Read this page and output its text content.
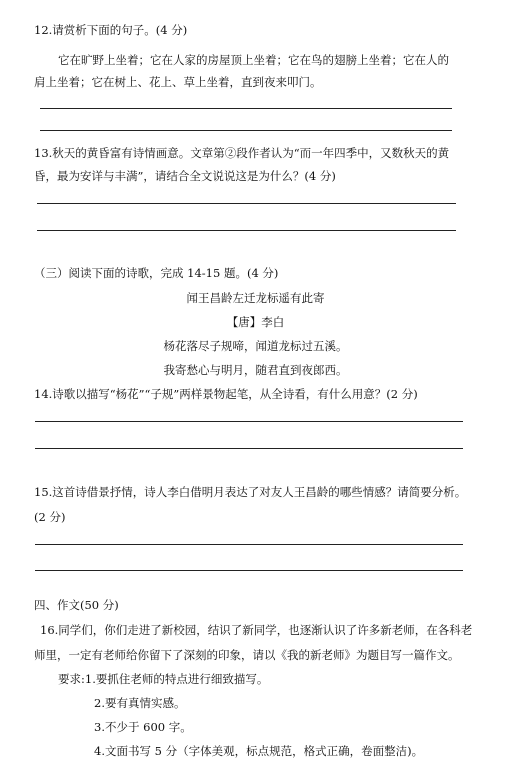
12.请赏析下面的句子。(4 分)
它在旷野上坐着；它在人家的房屋顶上坐着；它在鸟的翅膀上坐着；它在人的
肩上坐着；它在树上、花上、草上坐着，直到夜来叩门。
13.秋天的黄昏富有诗情画意。文章第②段作者认为“而一年四季中，又数秋天的黄
昏，最为安详与丰满”，请结合全文说说这是为什么？(4 分)
（三）阅读下面的诗歌，完成 14-15 题。(4 分)
闻王昌龄左迁龙标遥有此寄
【唐】李白
杨花落尽子规啼，闻道龙标过五溪。
我寄愁心与明月，随君直到夜郎西。
14.诗歌以描写“杨花”“子规”两样景物起笔，从全诗看，有什么用意？(2 分)
15.这首诗借景抒情，诗人李白借明月表达了对友人王昌龄的哪些情感？请简要分析。
(2 分)
四、作文(50 分)
16.同学们，你们走进了新校园，结识了新同学，也逐渐认识了许多新老师，在各科老
师里，一定有老师给你留下了深刻的印象，请以《我的新老师》为题目写一篇作文。
要求:1.要抓住老师的特点进行细致描写。
2.要有真情实感。
3.不少于 600 字。
4.文面书写 5 分（字体美观，标点规范，格式正确，卷面整洁)。
